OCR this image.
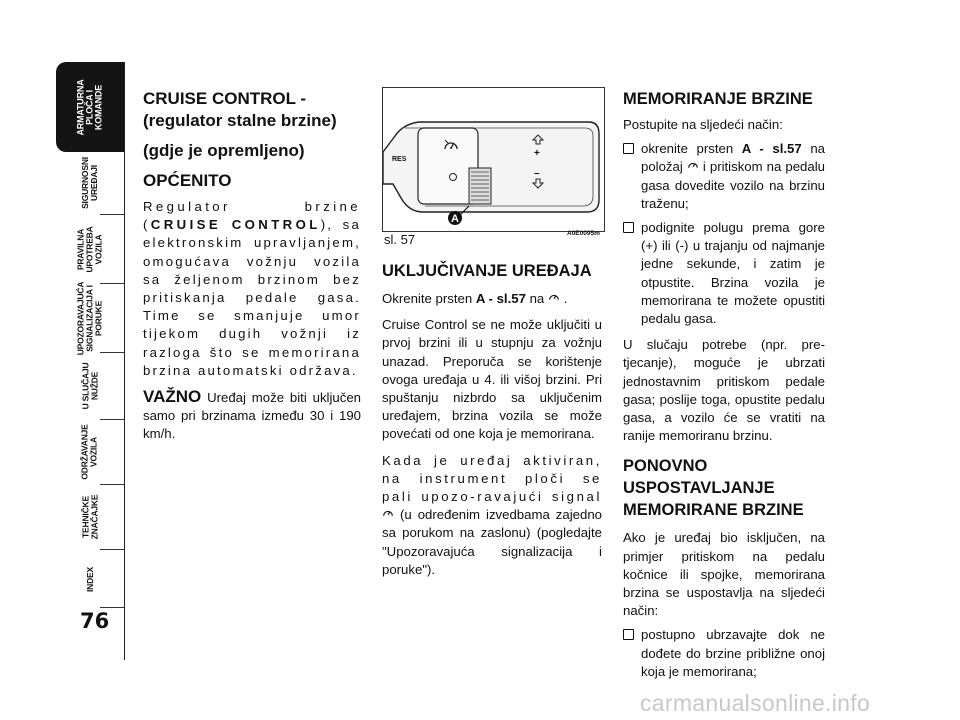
ARMATURNA
PLOČA I
KOMANDE
SIGURNOSNI
UREĐAJI
PRAVILNA
UPOTREBA
VOZILA
UPOZORAVAJUĆA
SIGNALIZACIJA I
PORUKE
U SLUČAJU
NUŽDE
ODRŽAVANJE
VOZILA
TEHNIČKE
ZNAČAJKE
INDEX
76
CRUISE CONTROL -
(regulator stalne brzine)
(gdje je opremljeno)
OPĆENITO

Regulator brzine (CRUISE CONTROL), sa elektronskim upravljanjem, omogućava vožnju vozila sa željenom brzinom bez pritiskanja pedale gasa. Time se smanjuje umor tijekom dugih vožnji iz razloga što se memorirana brzina automatski održava.

VAŽNO Uređaj može biti uključen samo pri brzinama između 30 i 190 km/h.

RES
+
–
A
sl. 57	A0E0095m
UKLJUČIVANJE UREĐAJA

Okrenite prsten A - sl.57 na  .

Cruise Control se ne može uključiti u prvoj brzini ili u stupnju za vožnju unazad. Preporuča se korištenje ovoga uređaja u 4. ili višoj brzini. Pri spuštanju nizbrdo sa uključenim uređajem, brzina vozila se može povećati od one koja je memorirana.

Kada je uređaj aktiviran, na instrument ploči se pali upozo-ravajući signal  (u određenim izvedbama zajedno sa porukom na zaslonu) (pogledajte "Upozoravajuća signalizacija i poruke").

MEMORIRANJE BRZINE

Postupite na sljedeći način:

okrenite prsten A - sl.57 na položaj  i pritiskom na pedalu gasa dovedite vozilo na brzinu traženu;
podignite polugu prema gore (+) ili (-) u trajanju od najmanje jedne sekunde, i zatim je otpustite. Brzina vozila je memorirana te možete opustiti pedalu gasa.

U slučaju potrebe (npr. pre-tjecanje), moguće je ubrzati jednostavnim pritiskom pedale gasa; poslije toga, opustite pedalu gasa, a vozilo će se vratiti na ranije memoriranu brzinu.

PONOVNO
USPOSTAVLJANJE
MEMORIRANE BRZINE

Ako je uređaj bio isključen, na primjer pritiskom na pedalu kočnice ili spojke, memorirana brzina se uspostavlja na sljedeći način:

postupno ubrzavajte dok ne dođete do brzine približne onoj koja je memorirana;
carmanualsonline.info
